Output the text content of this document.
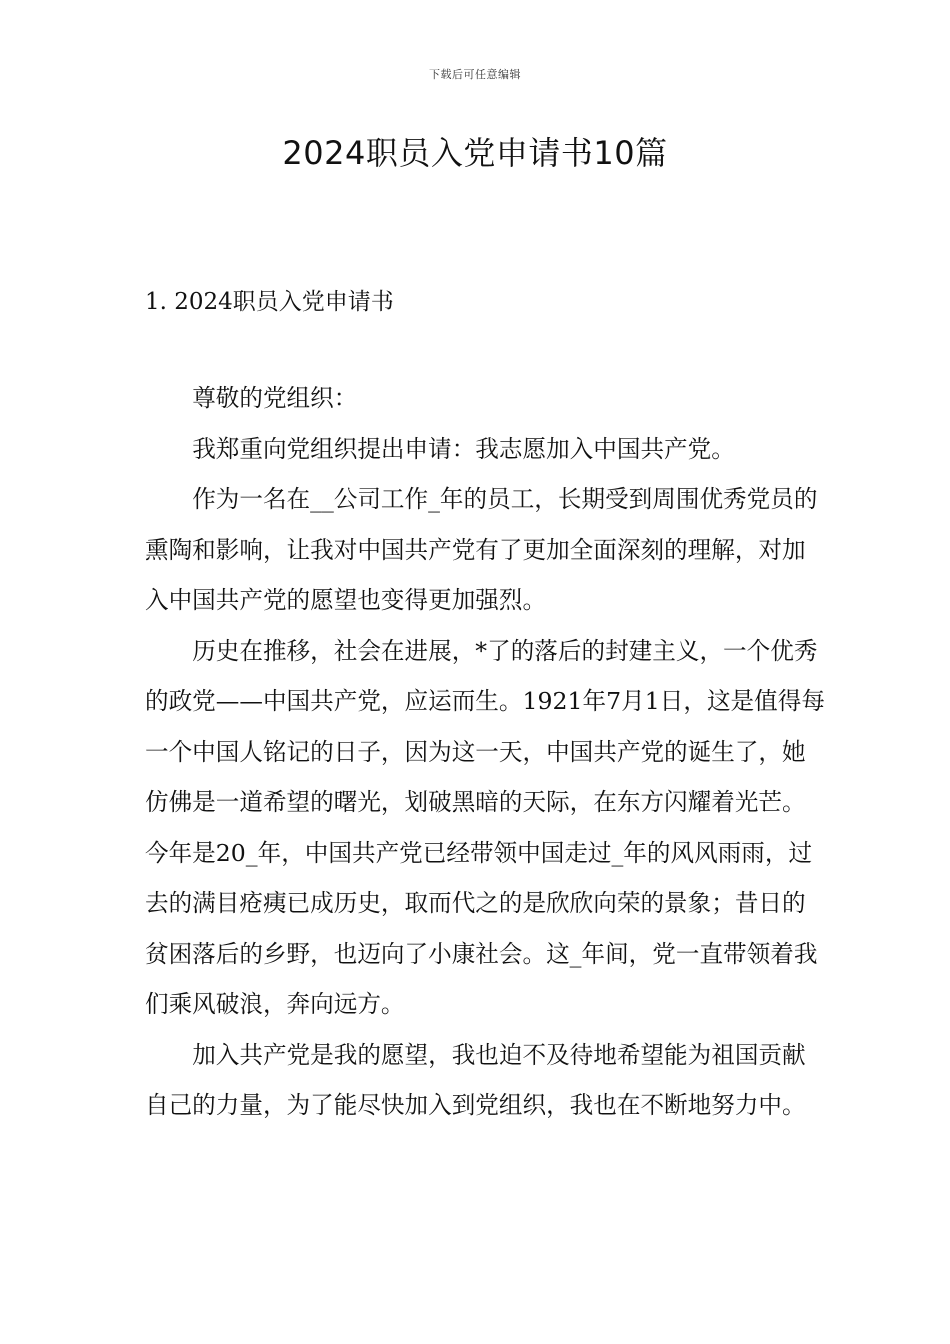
下载后可任意编辑
2024职员入党申请书10篇
1. 2024职员入党申请书

尊敬的党组织：

我郑重向党组织提出申请：我志愿加入中国共产党。

作为一名在__公司工作_年的员工，长期受到周围优秀党员的熏陶和影响，让我对中国共产党有了更加全面深刻的理解，对加入中国共产党的愿望也变得更加强烈。

历史在推移，社会在进展，*了的落后的封建主义，一个优秀的政党——中国共产党，应运而生。1921年7月1日，这是值得每一个中国人铭记的日子，因为这一天，中国共产党的诞生了，她仿佛是一道希望的曙光，划破黑暗的天际，在东方闪耀着光芒。今年是20_年，中国共产党已经带领中国走过_年的风风雨雨，过去的满目疮痍已成历史，取而代之的是欣欣向荣的景象；昔日的贫困落后的乡野，也迈向了小康社会。这_年间，党一直带领着我们乘风破浪，奔向远方。

加入共产党是我的愿望，我也迫不及待地希望能为祖国贡献自己的力量，为了能尽快加入到党组织，我也在不断地努力中。
